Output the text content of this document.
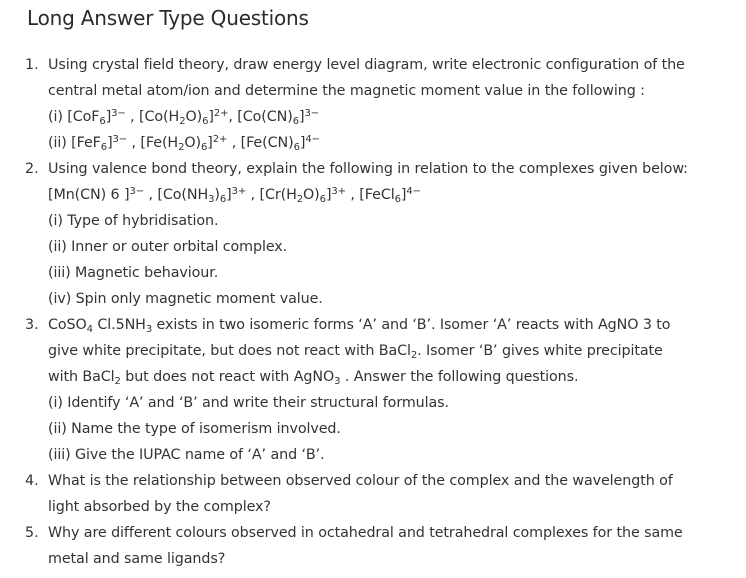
Long Answer Type Questions
1. Using crystal field theory, draw energy level diagram, write electronic configuration of the
central metal atom/ion and determine the magnetic moment value in the following :
(i) $[CoF_6]^{3-}$ , $[Co(H_2O)_6]^{2+}$, $[Co(CN)_6]^{3-}$
(ii) $[FeF_6]^{3-}$ , $[Fe(H_2O)_6]^{2+}$ , $[Fe(CN)_6]^{4-}$
2. Using valence bond theory, explain the following in relation to the complexes given below:
[Mn(CN) 6 ]$^{3-}$ , $[Co(NH_3)_6]^{3+}$ , $[Cr(H_2O)_6]^{3+}$ , [FeCl$_6$]$^{4-}$
(i) Type of hybridisation.
(ii) Inner or outer orbital complex.
(iii) Magnetic behaviour.
(iv) Spin only magnetic moment value.
3. CoSO$_4$ $Cl.5NH_3$ exists in two isomeric forms ‘A’ and ‘B’. Isomer ‘A’ reacts with AgNO 3 to
give white precipitate, but does not react with BaCl$_2$. Isomer ‘B’ gives white precipitate
with BaCl$_2$ but does not react with AgNO$_3$ . Answer the following questions.
(i) Identify ‘A’ and ‘B’ and write their structural formulas.
(ii) Name the type of isomerism involved.
(iii) Give the IUPAC name of ‘A’ and ‘B’.
4. What is the relationship between observed colour of the complex and the wavelength of
light absorbed by the complex?
5. Why are different colours observed in octahedral and tetrahedral complexes for the same
metal and same ligands?
